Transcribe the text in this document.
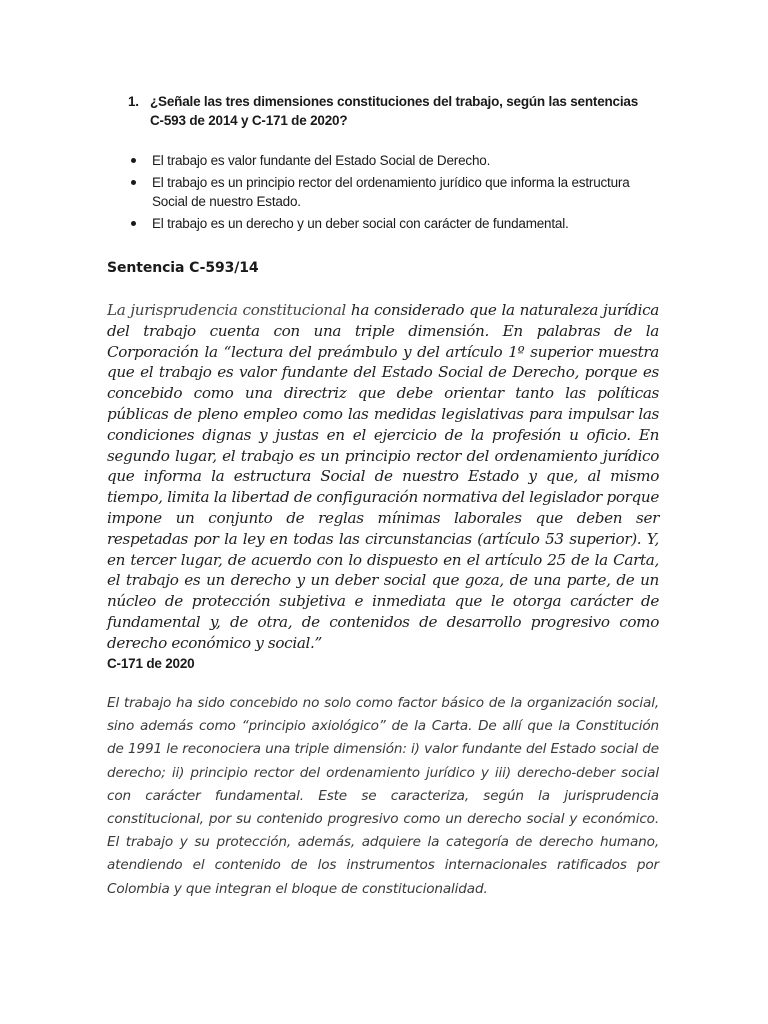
1. ¿Señale las tres dimensiones constituciones del trabajo, según las sentencias C-593 de 2014 y C-171 de 2020?
El trabajo es valor fundante del Estado Social de Derecho.
El trabajo es un principio rector del ordenamiento jurídico que informa la estructura Social de nuestro Estado.
El trabajo es un derecho y un deber social con carácter de fundamental.
Sentencia C-593/14

La jurisprudencia constitucional ha considerado que la naturaleza jurídica del trabajo cuenta con una triple dimensión. En palabras de la Corporación la “lectura del preámbulo y del artículo 1º superior muestra que el trabajo es valor fundante del Estado Social de Derecho, porque es concebido como una directriz que debe orientar tanto las políticas públicas de pleno empleo como las medidas legislativas para impulsar las condiciones dignas y justas en el ejercicio de la profesión u oficio. En segundo lugar, el trabajo es un principio rector del ordenamiento jurídico que informa la estructura Social de nuestro Estado y que, al mismo tiempo, limita la libertad de configuración normativa del legislador porque impone un conjunto de reglas mínimas laborales que deben ser respetadas por la ley en todas las circunstancias (artículo 53 superior). Y, en tercer lugar, de acuerdo con lo dispuesto en el artículo 25 de la Carta, el trabajo es un derecho y un deber social que goza, de una parte, de un núcleo de protección subjetiva e inmediata que le otorga carácter de fundamental y, de otra, de contenidos de desarrollo progresivo como derecho económico y social.”

C-171 de 2020

El trabajo ha sido concebido no solo como factor básico de la organización social, sino además como “principio axiológico” de la Carta. De allí que la Constitución de 1991 le reconociera una triple dimensión: i) valor fundante del Estado social de derecho; ii) principio rector del ordenamiento jurídico y iii) derecho-deber social con carácter fundamental. Este se caracteriza, según la jurisprudencia constitucional, por su contenido progresivo como un derecho social y económico. El trabajo y su protección, además, adquiere la categoría de derecho humano, atendiendo el contenido de los instrumentos internacionales ratificados por Colombia y que integran el bloque de constitucionalidad.
